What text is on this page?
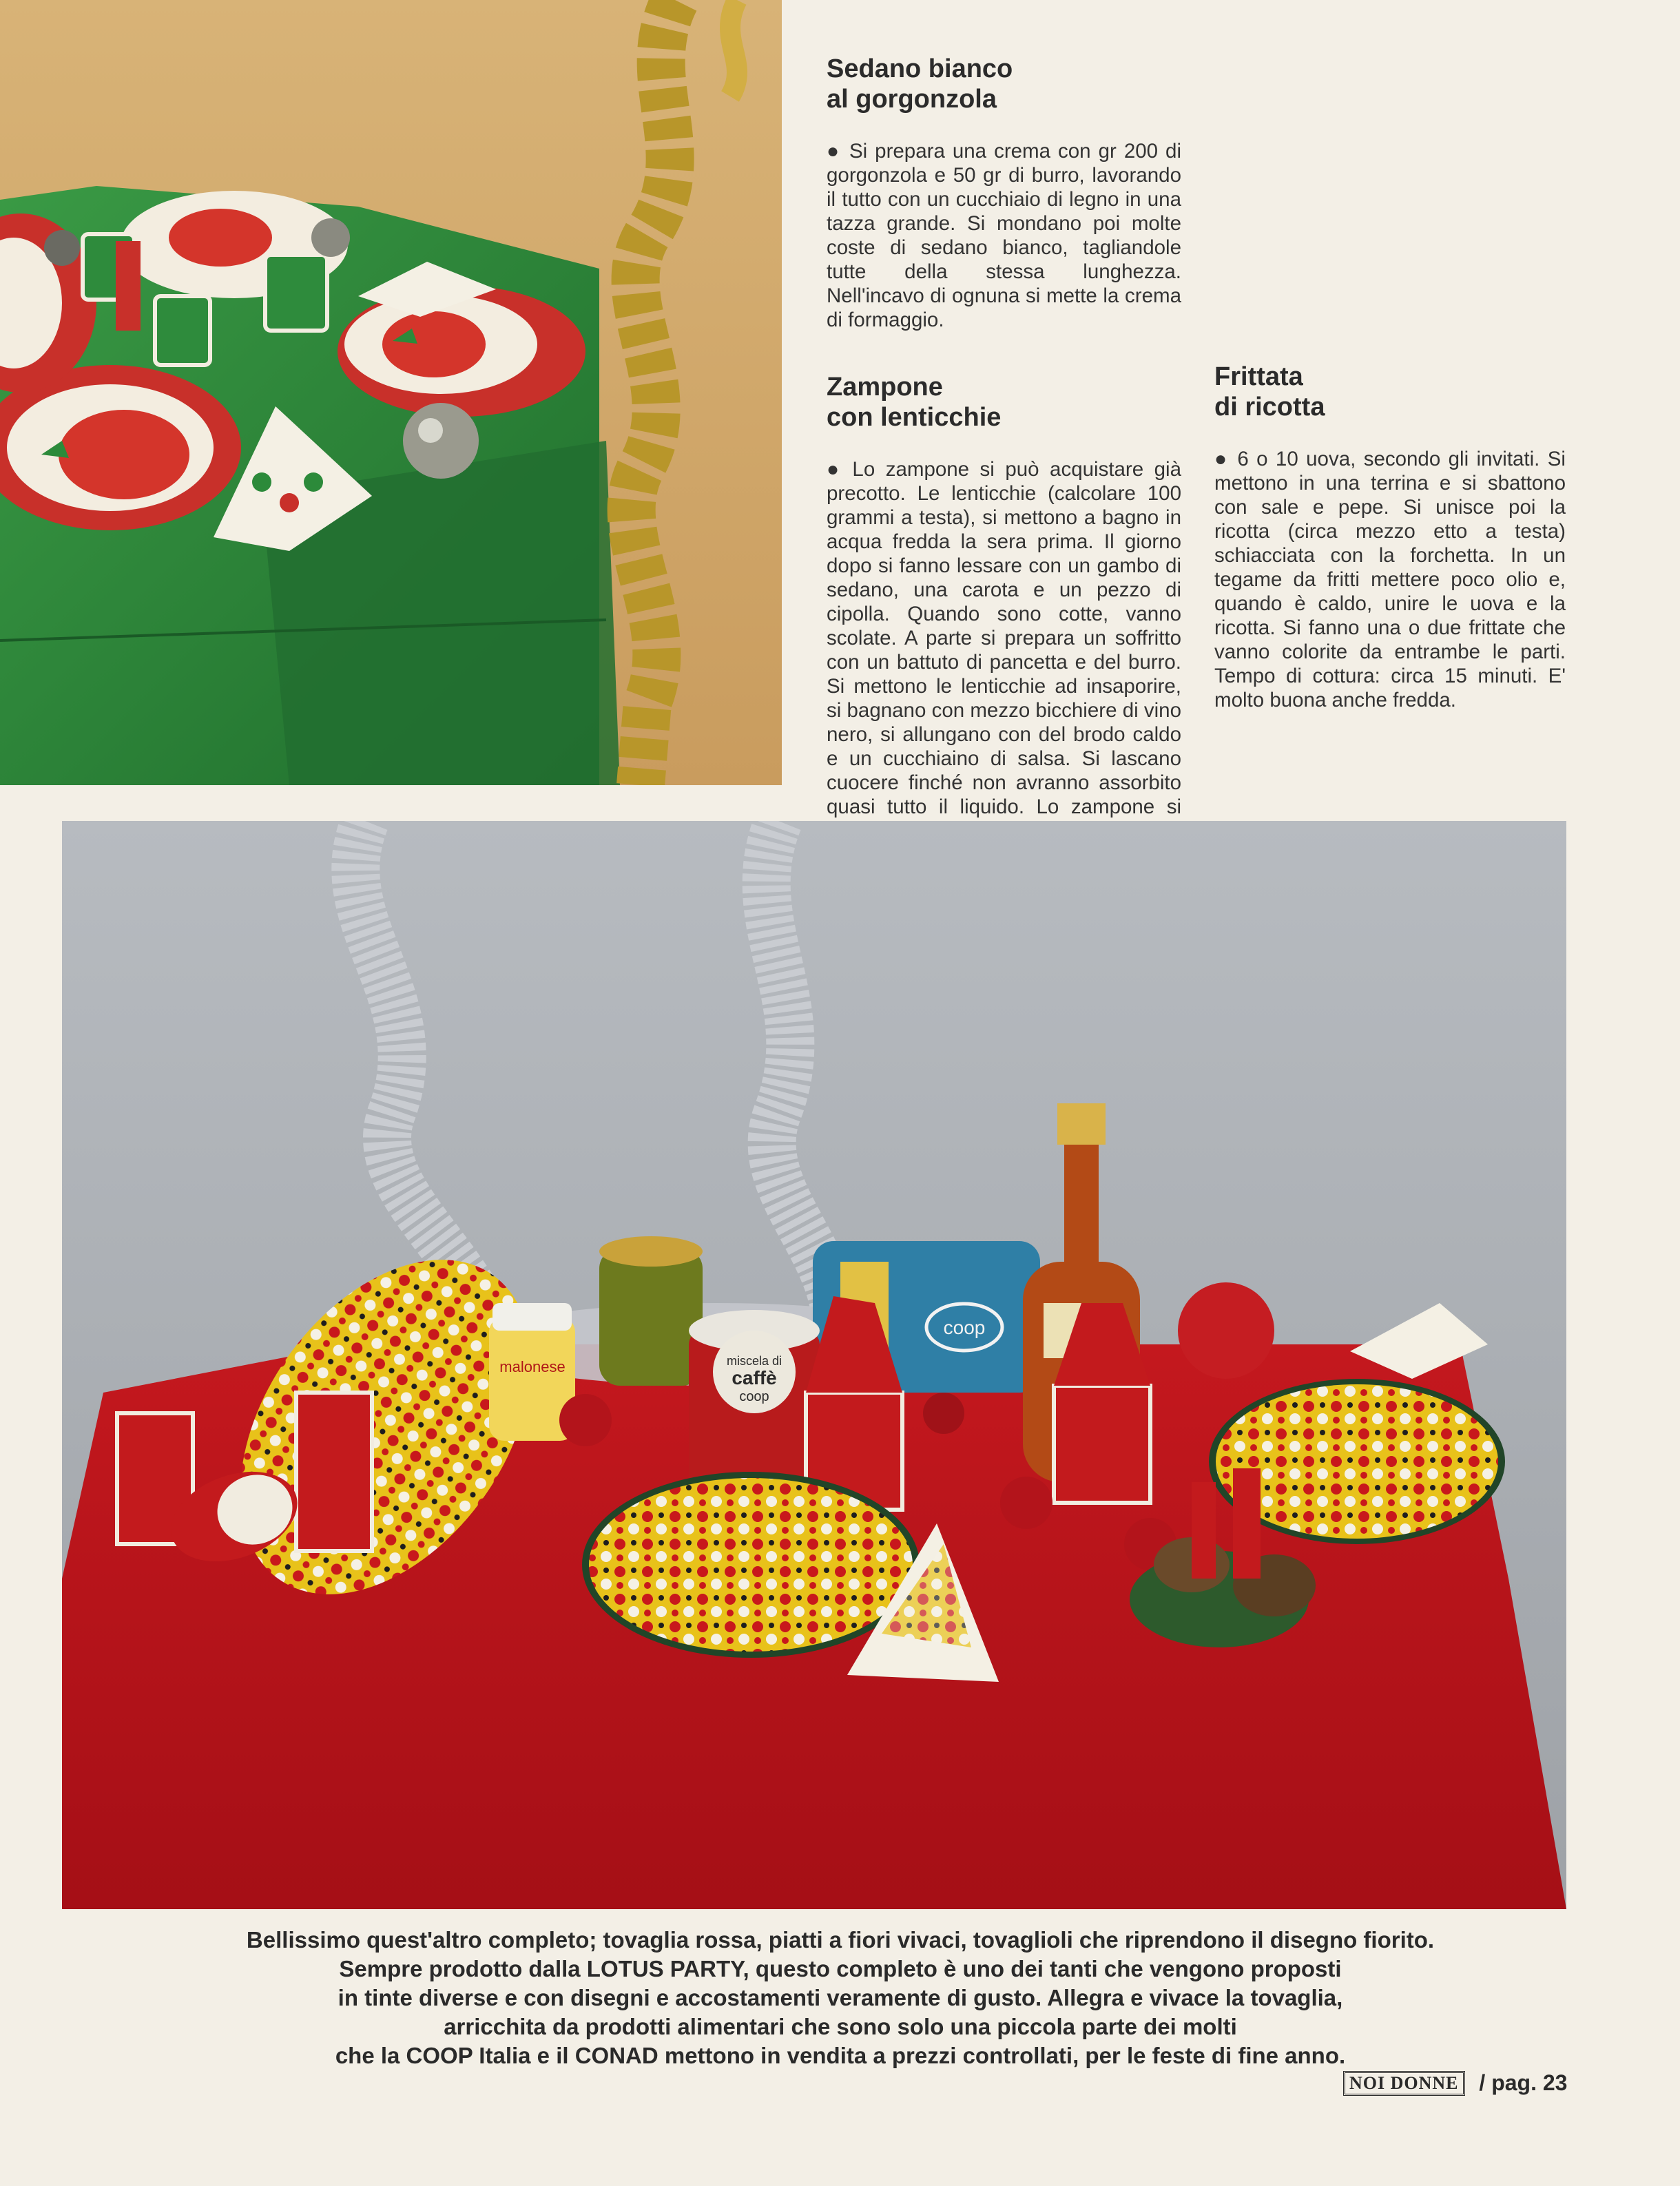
Sedano bianco
al gorgonzola

● Si prepara una crema con gr 200 di gorgonzola e 50 gr di burro, lavorando il tutto con un cucchiaio di legno in una tazza grande. Si mondano poi molte coste di sedano bianco, tagliandole tutte della stessa lunghezza. Nell'incavo di ognuna si mette la crema di formaggio.

Zampone
con lenticchie

● Lo zampone si può acquistare già precotto. Le lenticchie (calcolare 100 grammi a testa), si mettono a bagno in acqua fredda la sera prima. Il giorno dopo si fanno lessare con un gambo di sedano, una carota e un pezzo di cipolla. Quando sono cotte, vanno scolate. A parte si prepara un soffritto con un battuto di pancetta e del burro. Si mettono le lenticchie ad insaporire, si bagnano con mezzo bicchiere di vino nero, si allungano con del brodo caldo e un cucchiaino di salsa. Si lascano cuocere finché non avranno assorbito quasi tutto il liquido. Lo zampone si

Frittata
di ricotta

● 6 o 10 uova, secondo gli invitati. Si mettono in una terrina e si sbattono con sale e pepe. Si unisce poi la ricotta (circa mezzo etto a testa) schiacciata con la forchetta. In un tegame da fritti mettere poco olio e, quando è caldo, unire le uova e la ricotta. Si fanno una o due frittate che vanno colorite da entrambe le parti. Tempo di cottura: circa 15 minuti. E' molto buona anche fredda.

coop
malonese	miscela di
caffè
coop
Bellissimo quest'altro completo; tovaglia rossa, piatti a fiori vivaci, tovaglioli che riprendono il disegno fiorito.
Sempre prodotto dalla LOTUS PARTY, questo completo è uno dei tanti che vengono proposti
in tinte diverse e con disegni e accostamenti veramente di gusto. Allegra e vivace la tovaglia,
arricchita da prodotti alimentari che sono solo una piccola parte dei molti
che la COOP Italia e il CONAD mettono in vendita a prezzi controllati, per le feste di fine anno.
NOI DONNE / pag. 23
